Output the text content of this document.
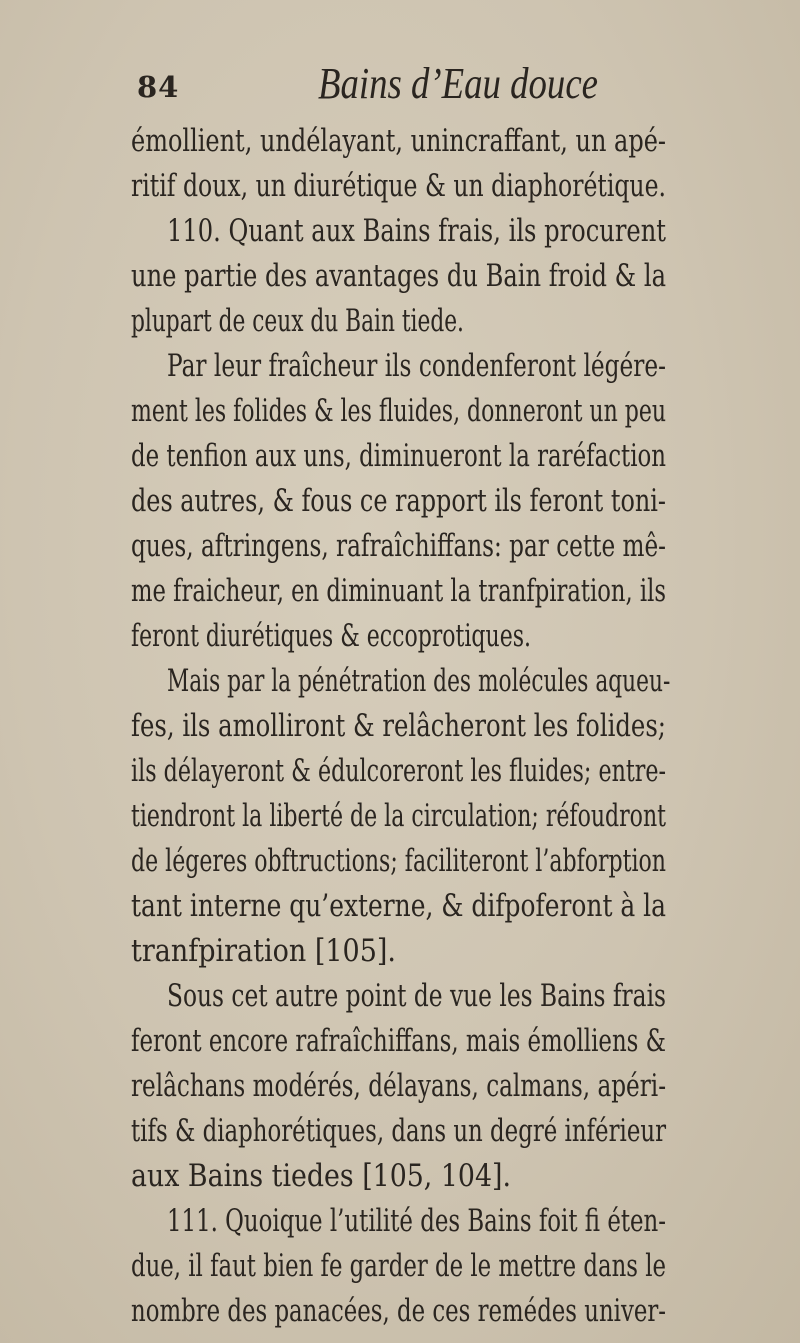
84	Bains d’Eau douce
émollient, undélayant, unincraffant, un apé-
ritif doux, un diurétique & un diaphorétique.
110. Quant aux Bains frais, ils procurent
une partie des avantages du Bain froid & la
plupart de ceux du Bain tiede.
Par leur fraîcheur ils condenferont légére-
ment les folides & les fluides, donneront un peu
de tenfion aux uns, diminueront la raréfaction
des autres, & fous ce rapport ils feront toni-
ques, aftringens, rafraîchiffans: par cette mê-
me fraicheur, en diminuant la tranfpiration, ils
feront diurétiques & eccoprotiques.
Mais par la pénétration des molécules aqueu-
fes, ils amolliront & relâcheront les folides;
ils délayeront & édulcoreront les fluides; entre-
tiendront la liberté de la circulation; réfoudront
de légeres obftructions; faciliteront l’abforption
tant interne qu’externe, & difpoferont à la
tranfpiration [105].
Sous cet autre point de vue les Bains frais
feront encore rafraîchiffans, mais émolliens &
relâchans modérés, délayans, calmans, apéri-
tifs & diaphorétiques, dans un degré inférieur
aux Bains tiedes [105, 104].
111. Quoique l’utilité des Bains foit fi éten-
due, il faut bien fe garder de le mettre dans le
nombre des panacées, de ces reméd​es univer-
